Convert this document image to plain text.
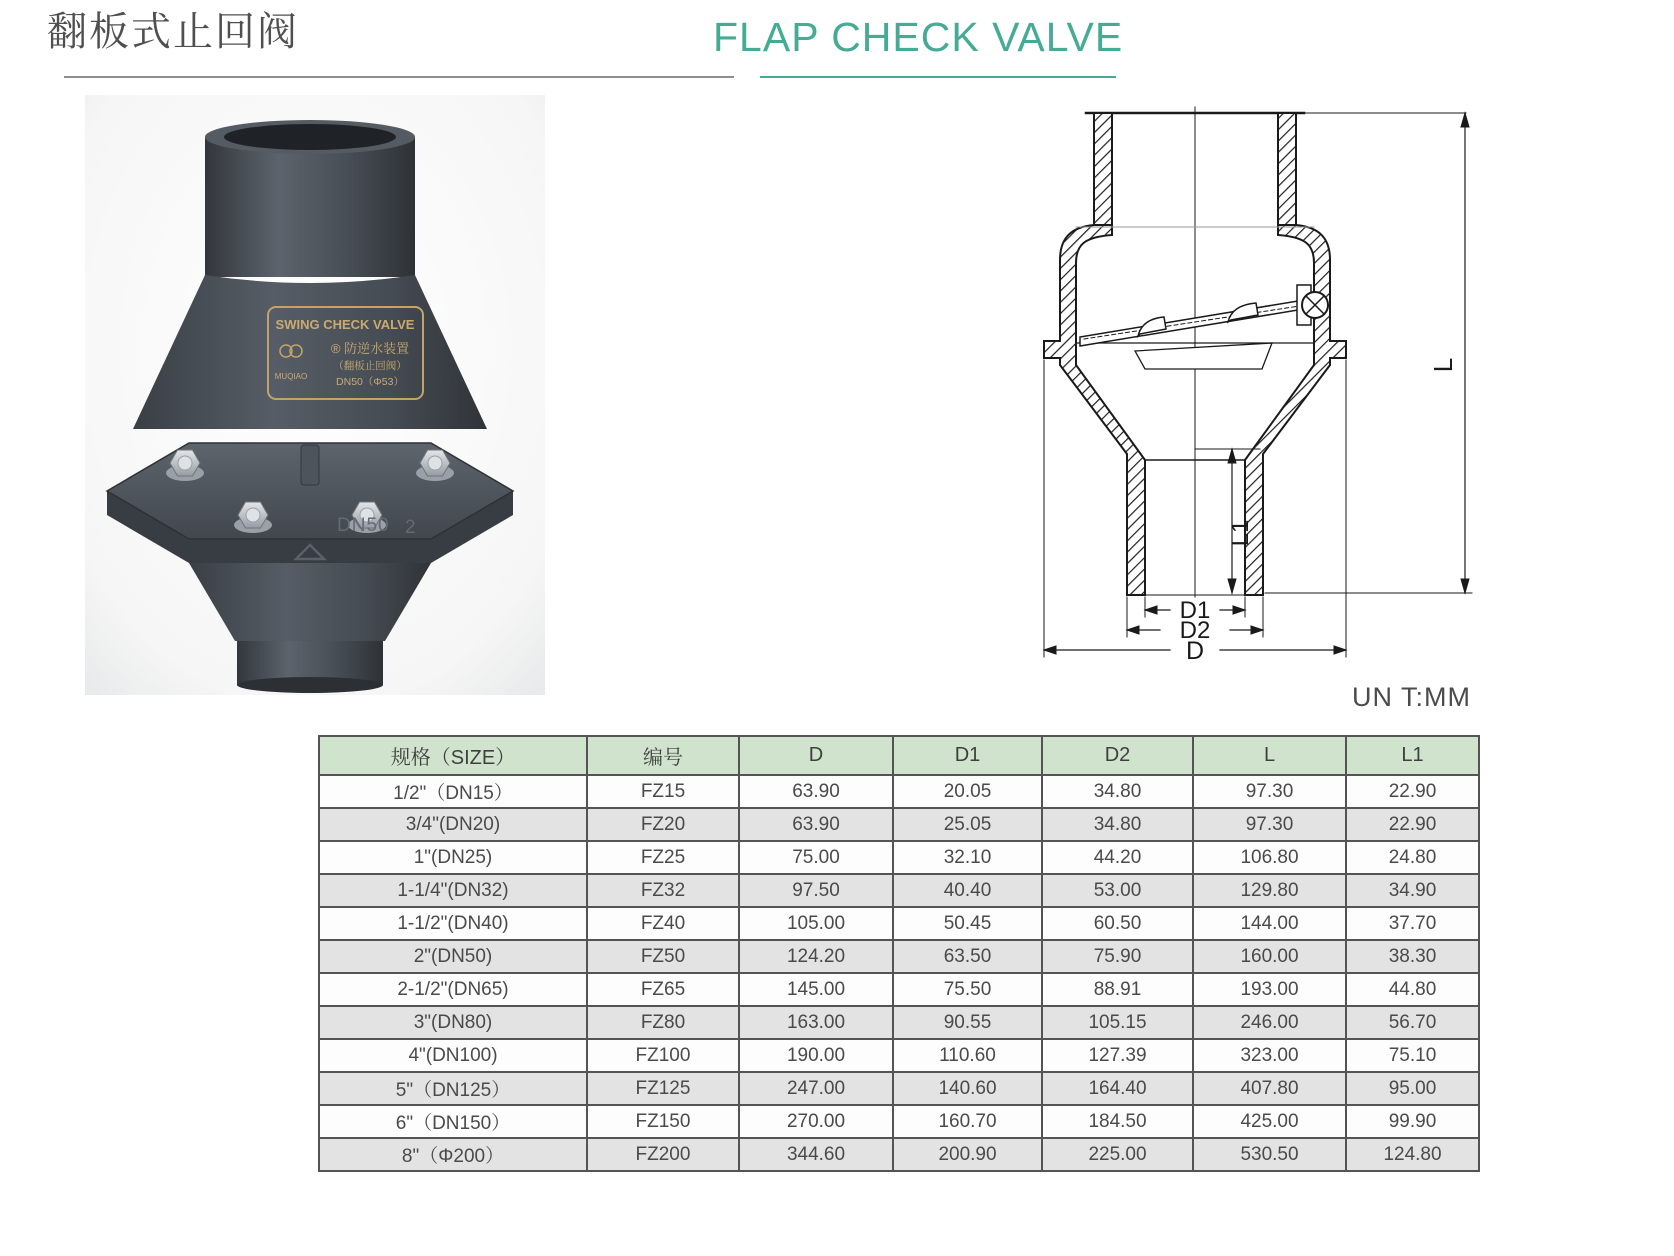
翻板式止回阀	FLAP CHECK VALVE
SWING CHECK VALVE
MUQIAO
® 防逆水装置
（翻板止回阀）
DN50（Φ53）
DN50 2
L
L1
D1
D2
D
UN T:MM
规格（SIZE）	编号	D	D1	D2	L	L1
1/2"（DN15）	FZ15	63.90	20.05	34.80	97.30	22.90
3/4"(DN20)	FZ20	63.90	25.05	34.80	97.30	22.90
1"(DN25)	FZ25	75.00	32.10	44.20	106.80	24.80
1-1/4"(DN32)	FZ32	97.50	40.40	53.00	129.80	34.90
1-1/2"(DN40)	FZ40	105.00	50.45	60.50	144.00	37.70
2"(DN50)	FZ50	124.20	63.50	75.90	160.00	38.30
2-1/2"(DN65)	FZ65	145.00	75.50	88.91	193.00	44.80
3"(DN80)	FZ80	163.00	90.55	105.15	246.00	56.70
4"(DN100)	FZ100	190.00	110.60	127.39	323.00	75.10
5"（DN125）	FZ125	247.00	140.60	164.40	407.80	95.00
6"（DN150）	FZ150	270.00	160.70	184.50	425.00	99.90
8"（Φ200）	FZ200	344.60	200.90	225.00	530.50	124.80
